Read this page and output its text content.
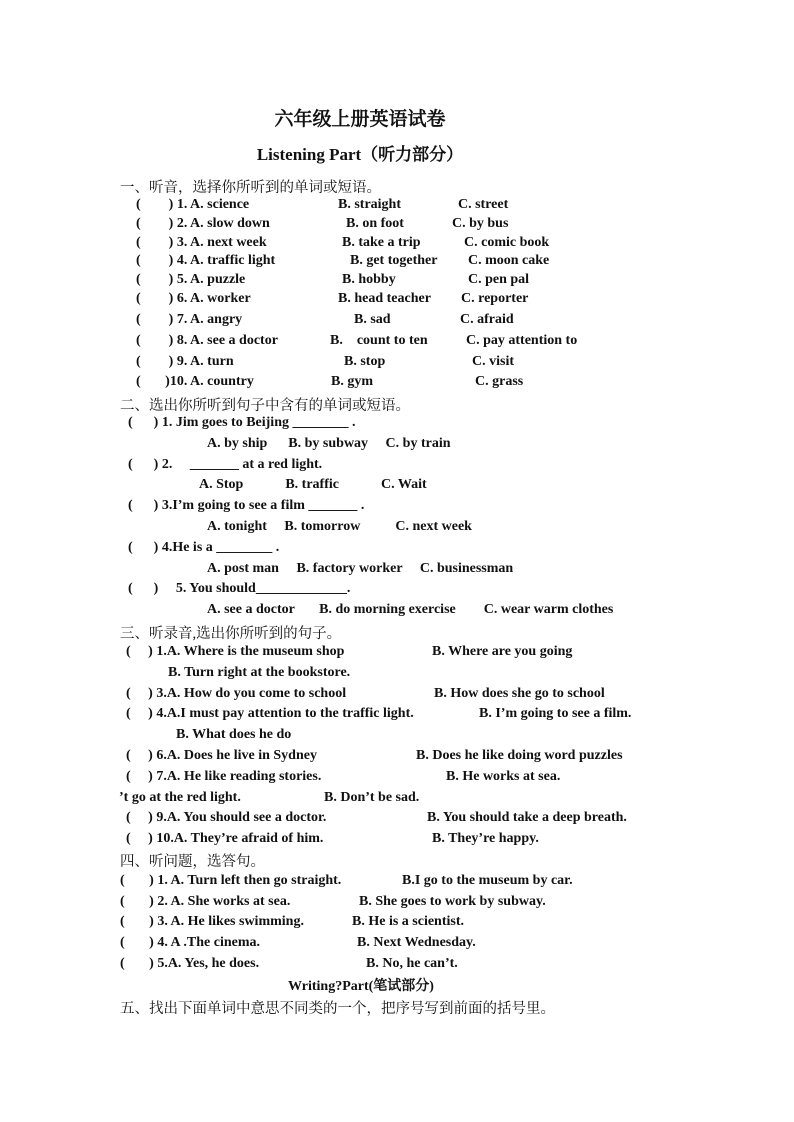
六年级上册英语试卷
Listening Part（听力部分）
一、听音，选择你所听到的单词或短语。
(        ) 1. A. science	B. straight	C. street
(        ) 2. A. slow down	B. on foot	C. by bus
(        ) 3. A. next week	B. take a trip	C. comic book
(        ) 4. A. traffic light	B. get together C. moon cake
(        ) 5. A. puzzle	B. hobby	C. pen pal
(        ) 6. A. worker	B. head teacher C. reporter
(        ) 7. A. angry	B. sad	C. afraid
(        ) 8. A. see a doctor	B.    count to ten	C. pay attention to
(        ) 9. A. turn	B. stop	C. visit
(       )10. A. country	B. gym	C. grass
二、选出你所听到句子中含有的单词或短语。
(      ) 1. Jim goes to Beijing ________ .
A. by ship      B. by subway     C. by train
(      ) 2.     _______ at a red light.
A. Stop            B. traffic            C. Wait
(      ) 3.I’m going to see a film _______ .
A. tonight     B. tomorrow          C. next week
(      ) 4.He is a ________ .
A. post man     B. factory worker     C. businessman
(      )     5. You should_____________.
A. see a doctor       B. do morning exercise        C. wear warm clothes
三、听录音,选出你所听到的句子。
(     ) 1.A. Where is the museum shop	B. Where are you going
B. Turn right at the bookstore.
(     ) 3.A. How do you come to school	B. How does she go to school
(     ) 4.A.I must pay attention to the traffic light.	B. I’m going to see a film.
B. What does he do
(     ) 6.A. Does he live in Sydney	B. Does he like doing word puzzles
(     ) 7.A. He like reading stories.	B. He works at sea.
’t go at the red light.	B. Don’t be sad.
(     ) 9.A. You should see a doctor.	B. You should take a deep breath.
(     ) 10.A. They’re afraid of him.	B. They’re happy.
四、听问题，选答句。
(       ) 1. A. Turn left then go straight.	B.I go to the museum by car.
(       ) 2. A. She works at sea.	B. She goes to work by subway.
(       ) 3. A. He likes swimming.	B. He is a scientist.
(       ) 4. A .The cinema.	B. Next Wednesday.
(       ) 5.A. Yes, he does.	B. No, he can’t.
Writing?Part(笔试部分)
五、找出下面单词中意思不同类的一个，把序号写到前面的括号里。
